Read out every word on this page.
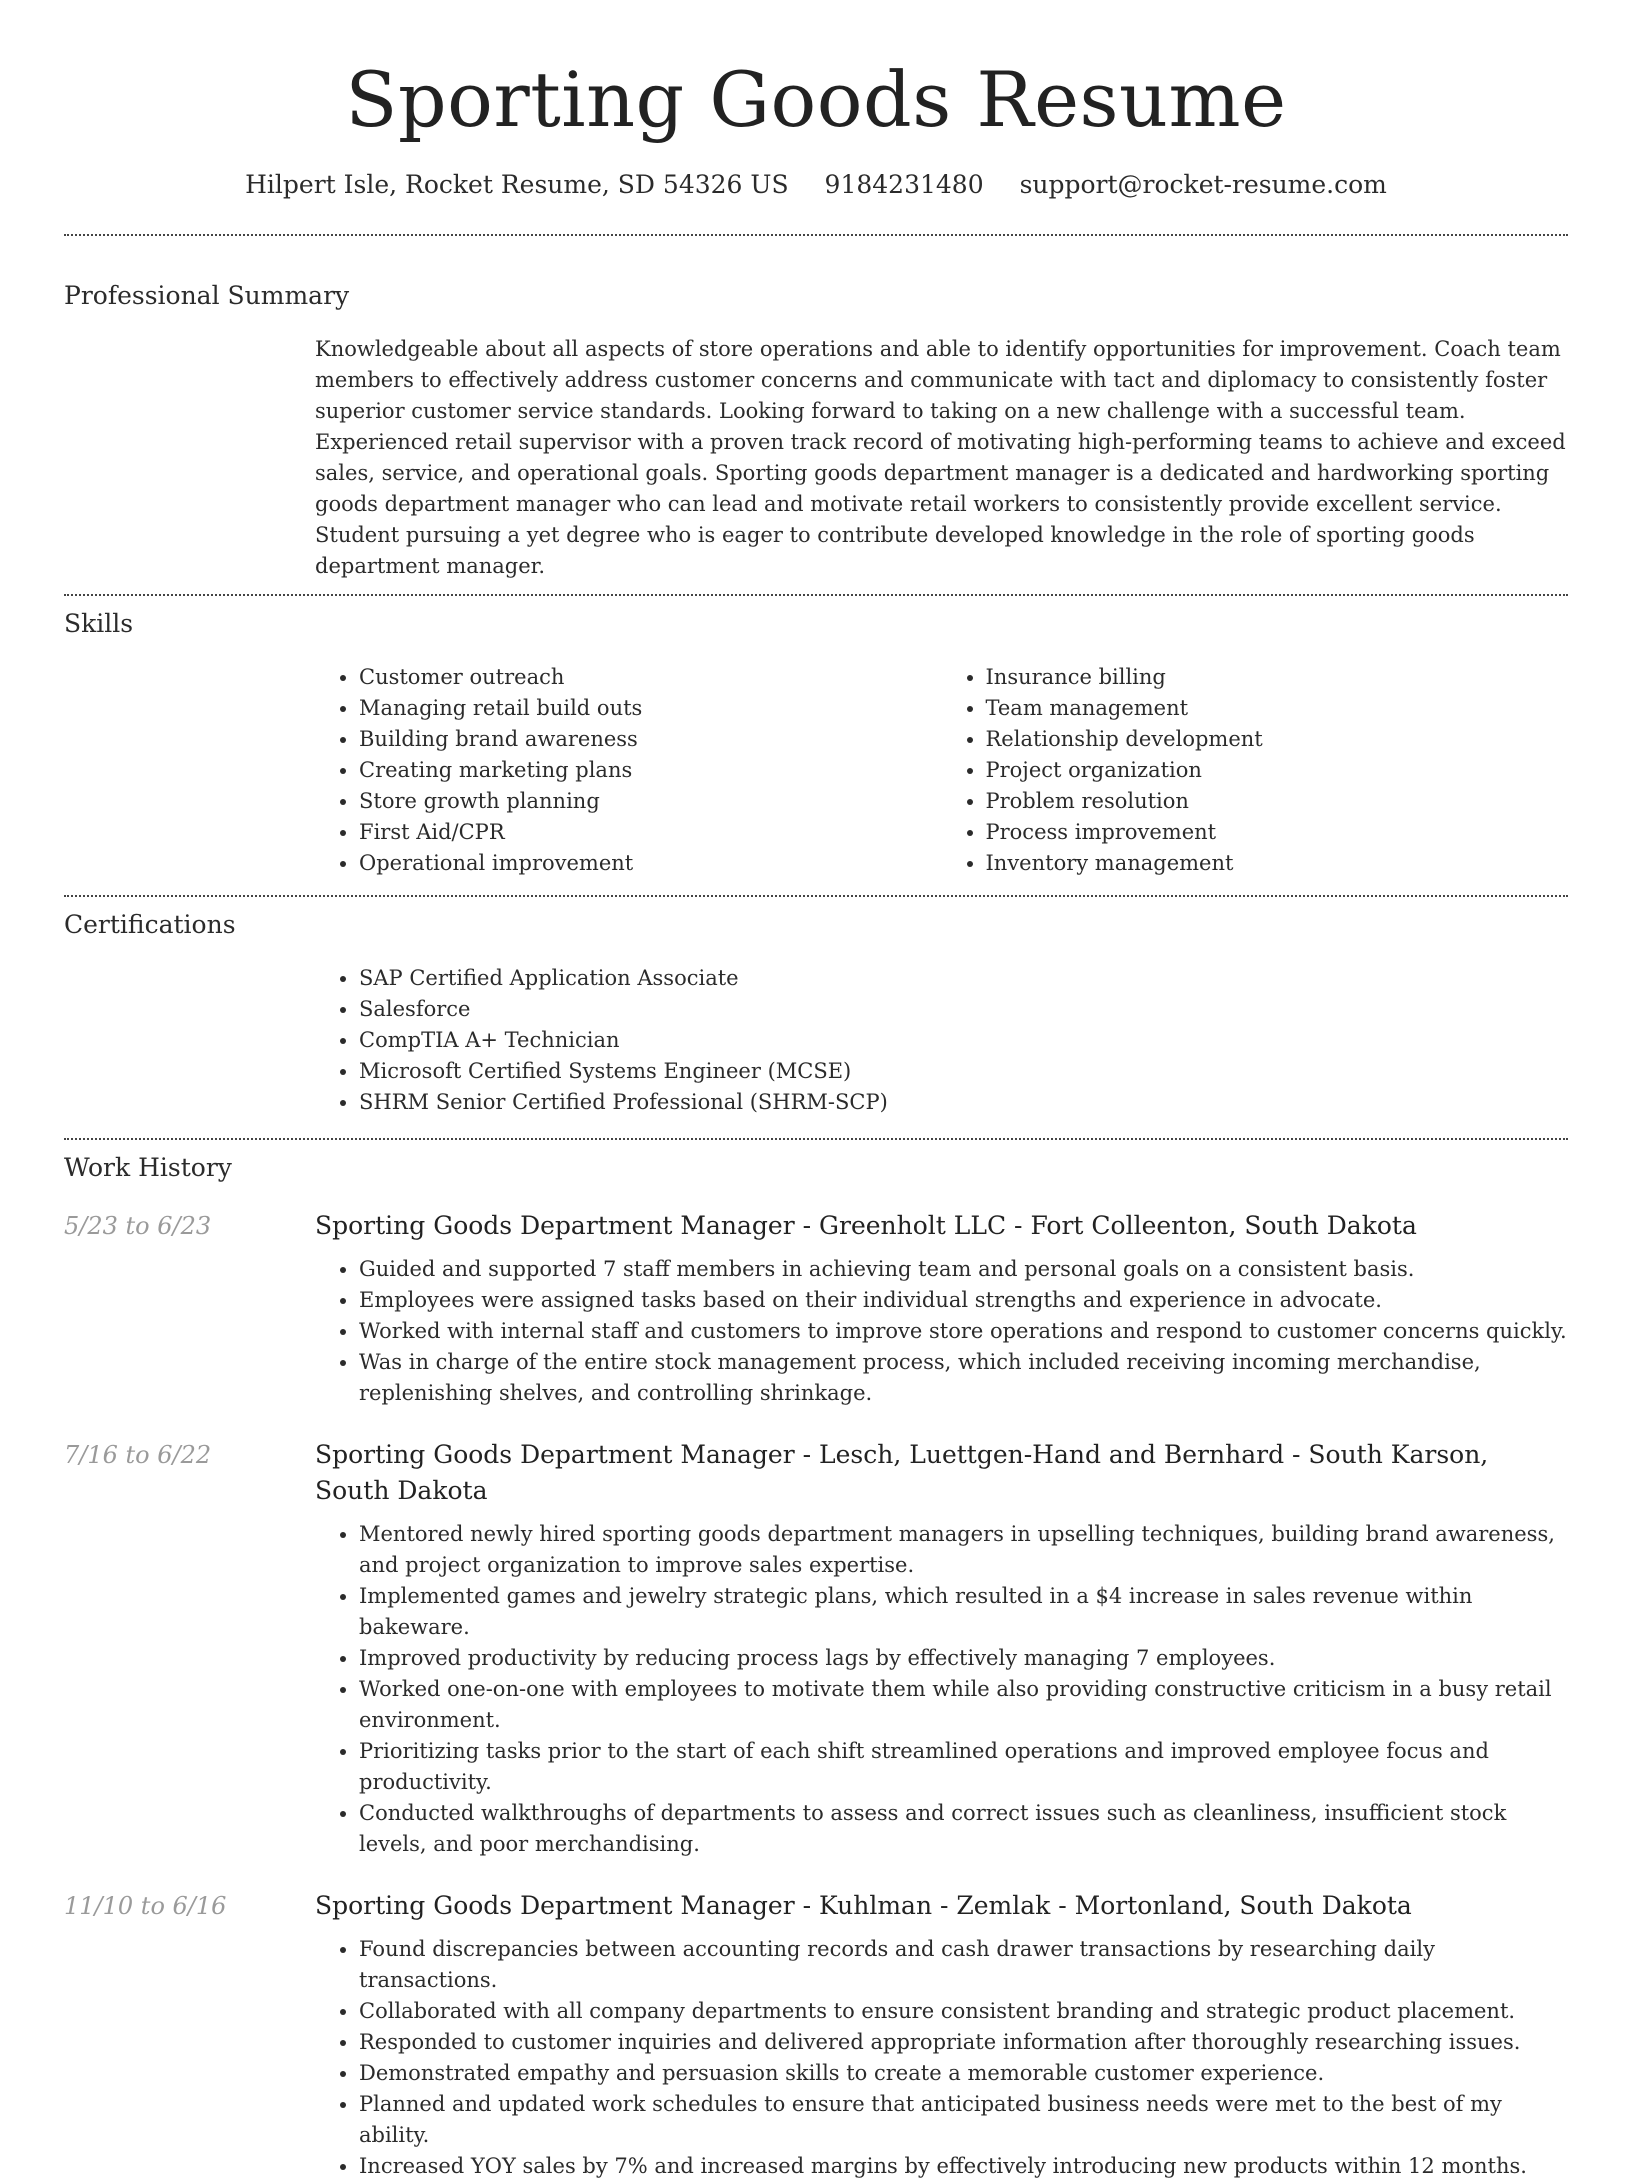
Sporting Goods Resume
Hilpert Isle, Rocket Resume, SD 54326 US 9184231480 support@rocket-resume.com
Professional Summary

Knowledgeable about all aspects of store operations and able to identify opportunities for improvement. Coach team members to effectively address customer concerns and communicate with tact and diplomacy to consistently foster superior customer service standards. Looking forward to taking on a new challenge with a successful team. Experienced retail supervisor with a proven track record of motivating high-performing teams to achieve and exceed sales, service, and operational goals. Sporting goods department manager is a dedicated and hardworking sporting goods department manager who can lead and motivate retail workers to consistently provide excellent service. Student pursuing a yet degree who is eager to contribute developed knowledge in the role of sporting goods department manager.

Skills
• Customer outreach
• Managing retail build outs
• Building brand awareness
• Creating marketing plans
• Store growth planning
• First Aid/CPR
• Operational improvement
• Insurance billing
• Team management
• Relationship development
• Project organization
• Problem resolution
• Process improvement
• Inventory management
Certifications
• SAP Certified Application Associate
• Salesforce
• CompTIA A+ Technician
• Microsoft Certified Systems Engineer (MCSE)
• SHRM Senior Certified Professional (SHRM-SCP)
Work History
5/23 to 6/23	Sporting Goods Department Manager - Greenholt LLC - Fort Colleenton, South Dakota
• Guided and supported 7 staff members in achieving team and personal goals on a consistent basis.
• Employees were assigned tasks based on their individual strengths and experience in advocate.
• Worked with internal staff and customers to improve store operations and respond to customer concerns quickly.
• Was in charge of the entire stock management process, which included receiving incoming merchandise, replenishing shelves, and controlling shrinkage.
7/16 to 6/22	Sporting Goods Department Manager - Lesch, Luettgen-Hand and Bernhard - South Karson, South Dakota
• Mentored newly hired sporting goods department managers in upselling techniques, building brand awareness, and project organization to improve sales expertise.
• Implemented games and jewelry strategic plans, which resulted in a $4 increase in sales revenue within bakeware.
• Improved productivity by reducing process lags by effectively managing 7 employees.
• Worked one-on-one with employees to motivate them while also providing constructive criticism in a busy retail environment.
• Prioritizing tasks prior to the start of each shift streamlined operations and improved employee focus and productivity.
• Conducted walkthroughs of departments to assess and correct issues such as cleanliness, insufficient stock levels, and poor merchandising.
11/10 to 6/16	Sporting Goods Department Manager - Kuhlman - Zemlak - Mortonland, South Dakota
• Found discrepancies between accounting records and cash drawer transactions by researching daily transactions.
• Collaborated with all company departments to ensure consistent branding and strategic product placement.
• Responded to customer inquiries and delivered appropriate information after thoroughly researching issues.
• Demonstrated empathy and persuasion skills to create a memorable customer experience.
• Planned and updated work schedules to ensure that anticipated business needs were met to the best of my ability.
• Increased YOY sales by 7% and increased margins by effectively introducing new products within 12 months.
